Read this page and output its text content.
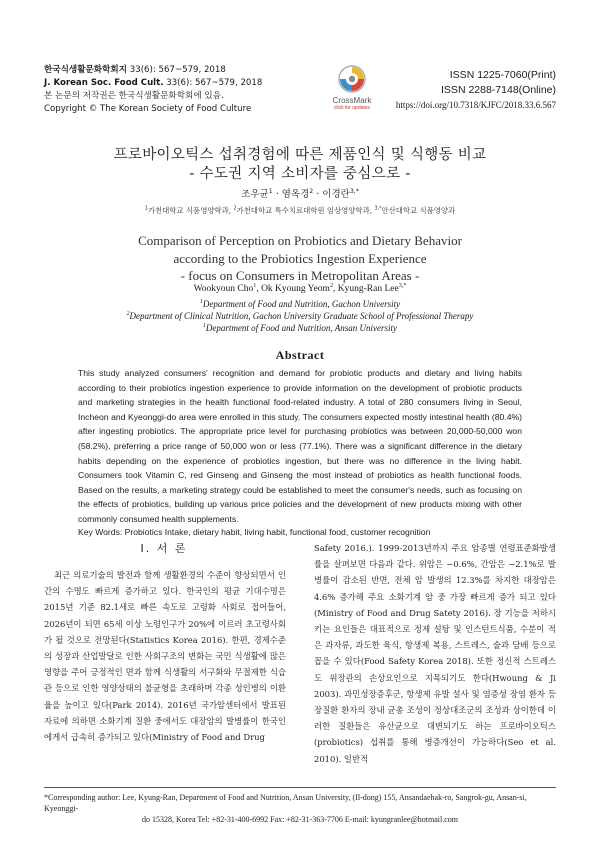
한국식생활문화학회지 33(6): 567~579, 2018
J. Korean Soc. Food Cult. 33(6): 567~579, 2018
본 논문의 저작권은 한국식생활문화학회에 있음.
Copyright © The Korean Society of Food Culture
CrossMark
click for updates
ISSN 1225-7060(Print)
ISSN 2288-7148(Online)
https://doi.org/10.7318/KJFC/2018.33.6.567
프로바이오틱스 섭취경험에 따른 제품인식 및 식행동 비교
- 수도권 지역 소비자를 중심으로 -
조우균$^1$ · 염옥경$^2$ · 이경란$^{3,*}$
$^1$가천대학교 식품영양학과, $^2$가천대학교 특수치료대학원 임상영양학과, $^{3,*}$안산대학교 식품영양과
Comparison of Perception on Probiotics and Dietary Behavior
according to the Probiotics Ingestion Experience
- focus on Consumers in Metropolitan Areas -
Wookyoun Cho$^1$, Ok Kyoung Yeom$^2$, Kyung-Ran Lee$^{3,*}$
$^1$Department of Food and Nutrition, Gachon University
$^2$Department of Clinical Nutrition, Gachon University Graduate School of Professional Therapy
$^1$Department of Food and Nutrition, Ansan University
Abstract
This study analyzed consumers' recognition and demand for probiotic products and dietary and living habits according to their probiotics ingestion experience to provide information on the development of probiotic products and marketing strategies in the health functional food-related industry. A total of 280 consumers living in Seoul, Incheon and Kyeonggi-do area were enrolled in this study. The consumers expected mostly intestinal health (80.4%) after ingesting probiotics. The appropriate price level for purchasing probiotics was between 20,000-50,000 won (58.2%), preferring a price range of 50,000 won or less (77.1%). There was a significant difference in the dietary habits depending on the experience of probiotics ingestion, but there was no difference in the living habit. Consumers took Vitamin C, red Ginseng and Ginseng the most instead of probiotics as health functional foods. Based on the results, a marketing strategy could be established to meet the consumer's needs, such as focusing on the effects of probiotics, building up various price policies and the development of new products mixing with other commonly consumed health supplements.
Key Words: Probiotics Intake, dietary habit, living habit, functional food, customer recognition
Ⅰ. 서 론

최근 의료기술의 발전과 함께 생활환경의 수준이 향상되면서 인간의 수명도 빠르게 증가하고 있다. 한국인의 평균 기대수명은 2015년 기준 82.1세로 빠른 속도로 고령화 사회로 접어들어, 2026년이 되면 65세 이상 노령인구가 20%에 이르러 초고령사회가 될 것으로 전망된다(Statistics Korea 2016). 한편, 경제수준의 성장과 산업발달로 인한 사회구조의 변화는 국민 식생활에 많은 영향을 주어 긍정적인 면과 함께 식생활의 서구화와 무절제한 식습관 등으로 인한 영양상태의 불균형을 초래하며 각종 성인병의 이환율을 높이고 있다(Park 2014). 2016년 국가암센터에서 발표된 자료에 의하면 소화기계 질환 중에서도 대장암의 발병률이 한국인에게서 급속히 증가되고 있다(Ministry of Food and Drug

Safety 2016.). 1999-2013년까지 주요 암종별 연령표준화발생률을 살펴보면 다음과 같다. 위암은 −0.6%, 간암은 −2.1%로 발병률이 감소된 반면, 전체 암 발생의 12.3%를 차지한 대장암은 4.6% 증가해 주요 소화기계 암 중 가장 빠르게 증가 되고 있다(Ministry of Food and Drug Satety 2016). 장 기능을 저하시키는 요인들은 대표적으로 정제 설탕 및 인스턴트식품, 수분이 적은 과자류, 과도한 육식, 항생제 복용, 스트레스, 술과 담배 등으로 꼽을 수 있다(Food Safety Korea 2018). 또한 정신적 스트레스도 위장관의 손상요인으로 지목되기도 한다(Hwoung & Ji 2003). 과민성장증후군, 항생제 유발 설사 및 염증성 장염 환자 등 장질환 환자의 장내 균총 조성이 정상대조군의 조성과 상이한데 이러한 질환들은 유산균으로 대변되기도 하는 프로바이오틱스(probiotics) 섭취를 통해 병증개선이 가능하다(Seo et al. 2010). 일반적

*Corresponding author: Lee, Kyung-Ran, Department of Food and Nutrition, Ansan University, (Il-dong) 155, Ansandaehak-ro, Sangrok-gu, Ansan-si, Kyeonggi-
do 15328, Korea Tel: +82-31-400-6992 Fax: +82-31-363-7706 E-mail: kyungranlee@hotmail.com
